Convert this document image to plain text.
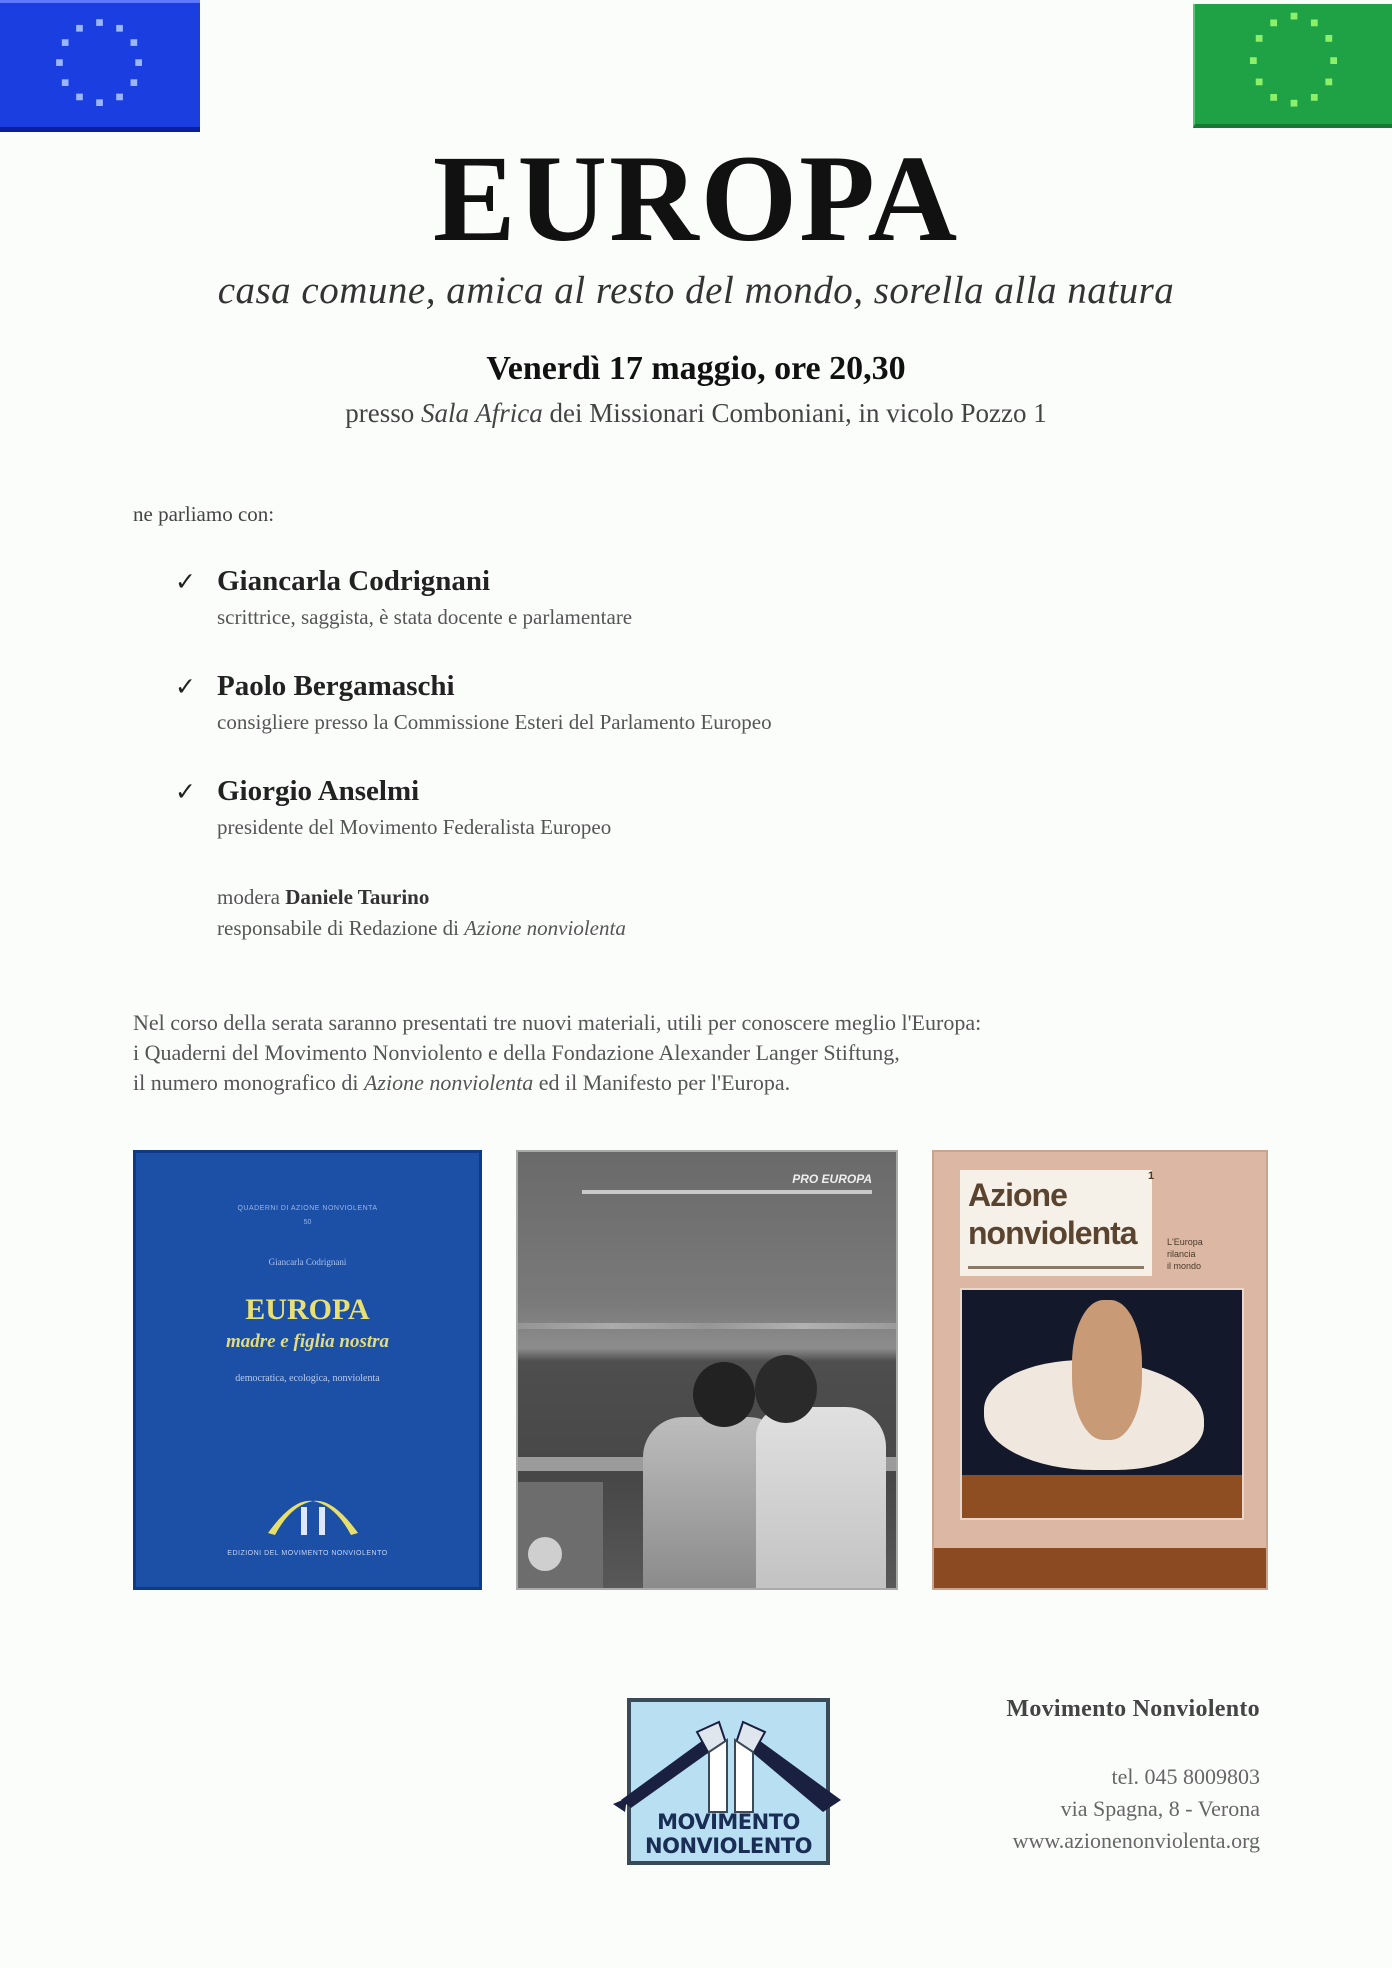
EUROPA
casa comune, amica al resto del mondo, sorella alla natura
Venerdì 17 maggio, ore 20,30
presso Sala Africa dei Missionari Comboniani, in vicolo Pozzo 1
ne parliamo con:
✓ Giancarla Codrignani
scrittrice, saggista, è stata docente e parlamentare
✓ Paolo Bergamaschi
consigliere presso la Commissione Esteri del Parlamento Europeo
✓ Giorgio Anselmi
presidente del Movimento Federalista Europeo
modera Daniele Taurino
responsabile di Redazione di Azione nonviolenta
Nel corso della serata saranno presentati tre nuovi materiali, utili per conoscere meglio l'Europa:
i Quaderni del Movimento Nonviolento e della Fondazione Alexander Langer Stiftung,
il numero monografico di Azione nonviolenta ed il Manifesto per l'Europa.
QUADERNI DI AZIONE NONVIOLENTA
50
Giancarla Codrignani
EUROPA
madre e figlia nostra
democratica, ecologica, nonviolenta
EDIZIONI DEL MOVIMENTO NONVIOLENTO
PRO EUROPA	Azione nonviolenta
1
L'Europa
rilancia
il mondo
MOVIMENTO
NONVIOLENTO
Movimento Nonviolento
tel. 045 8009803
via Spagna, 8 - Verona
www.azionenonviolenta.org
